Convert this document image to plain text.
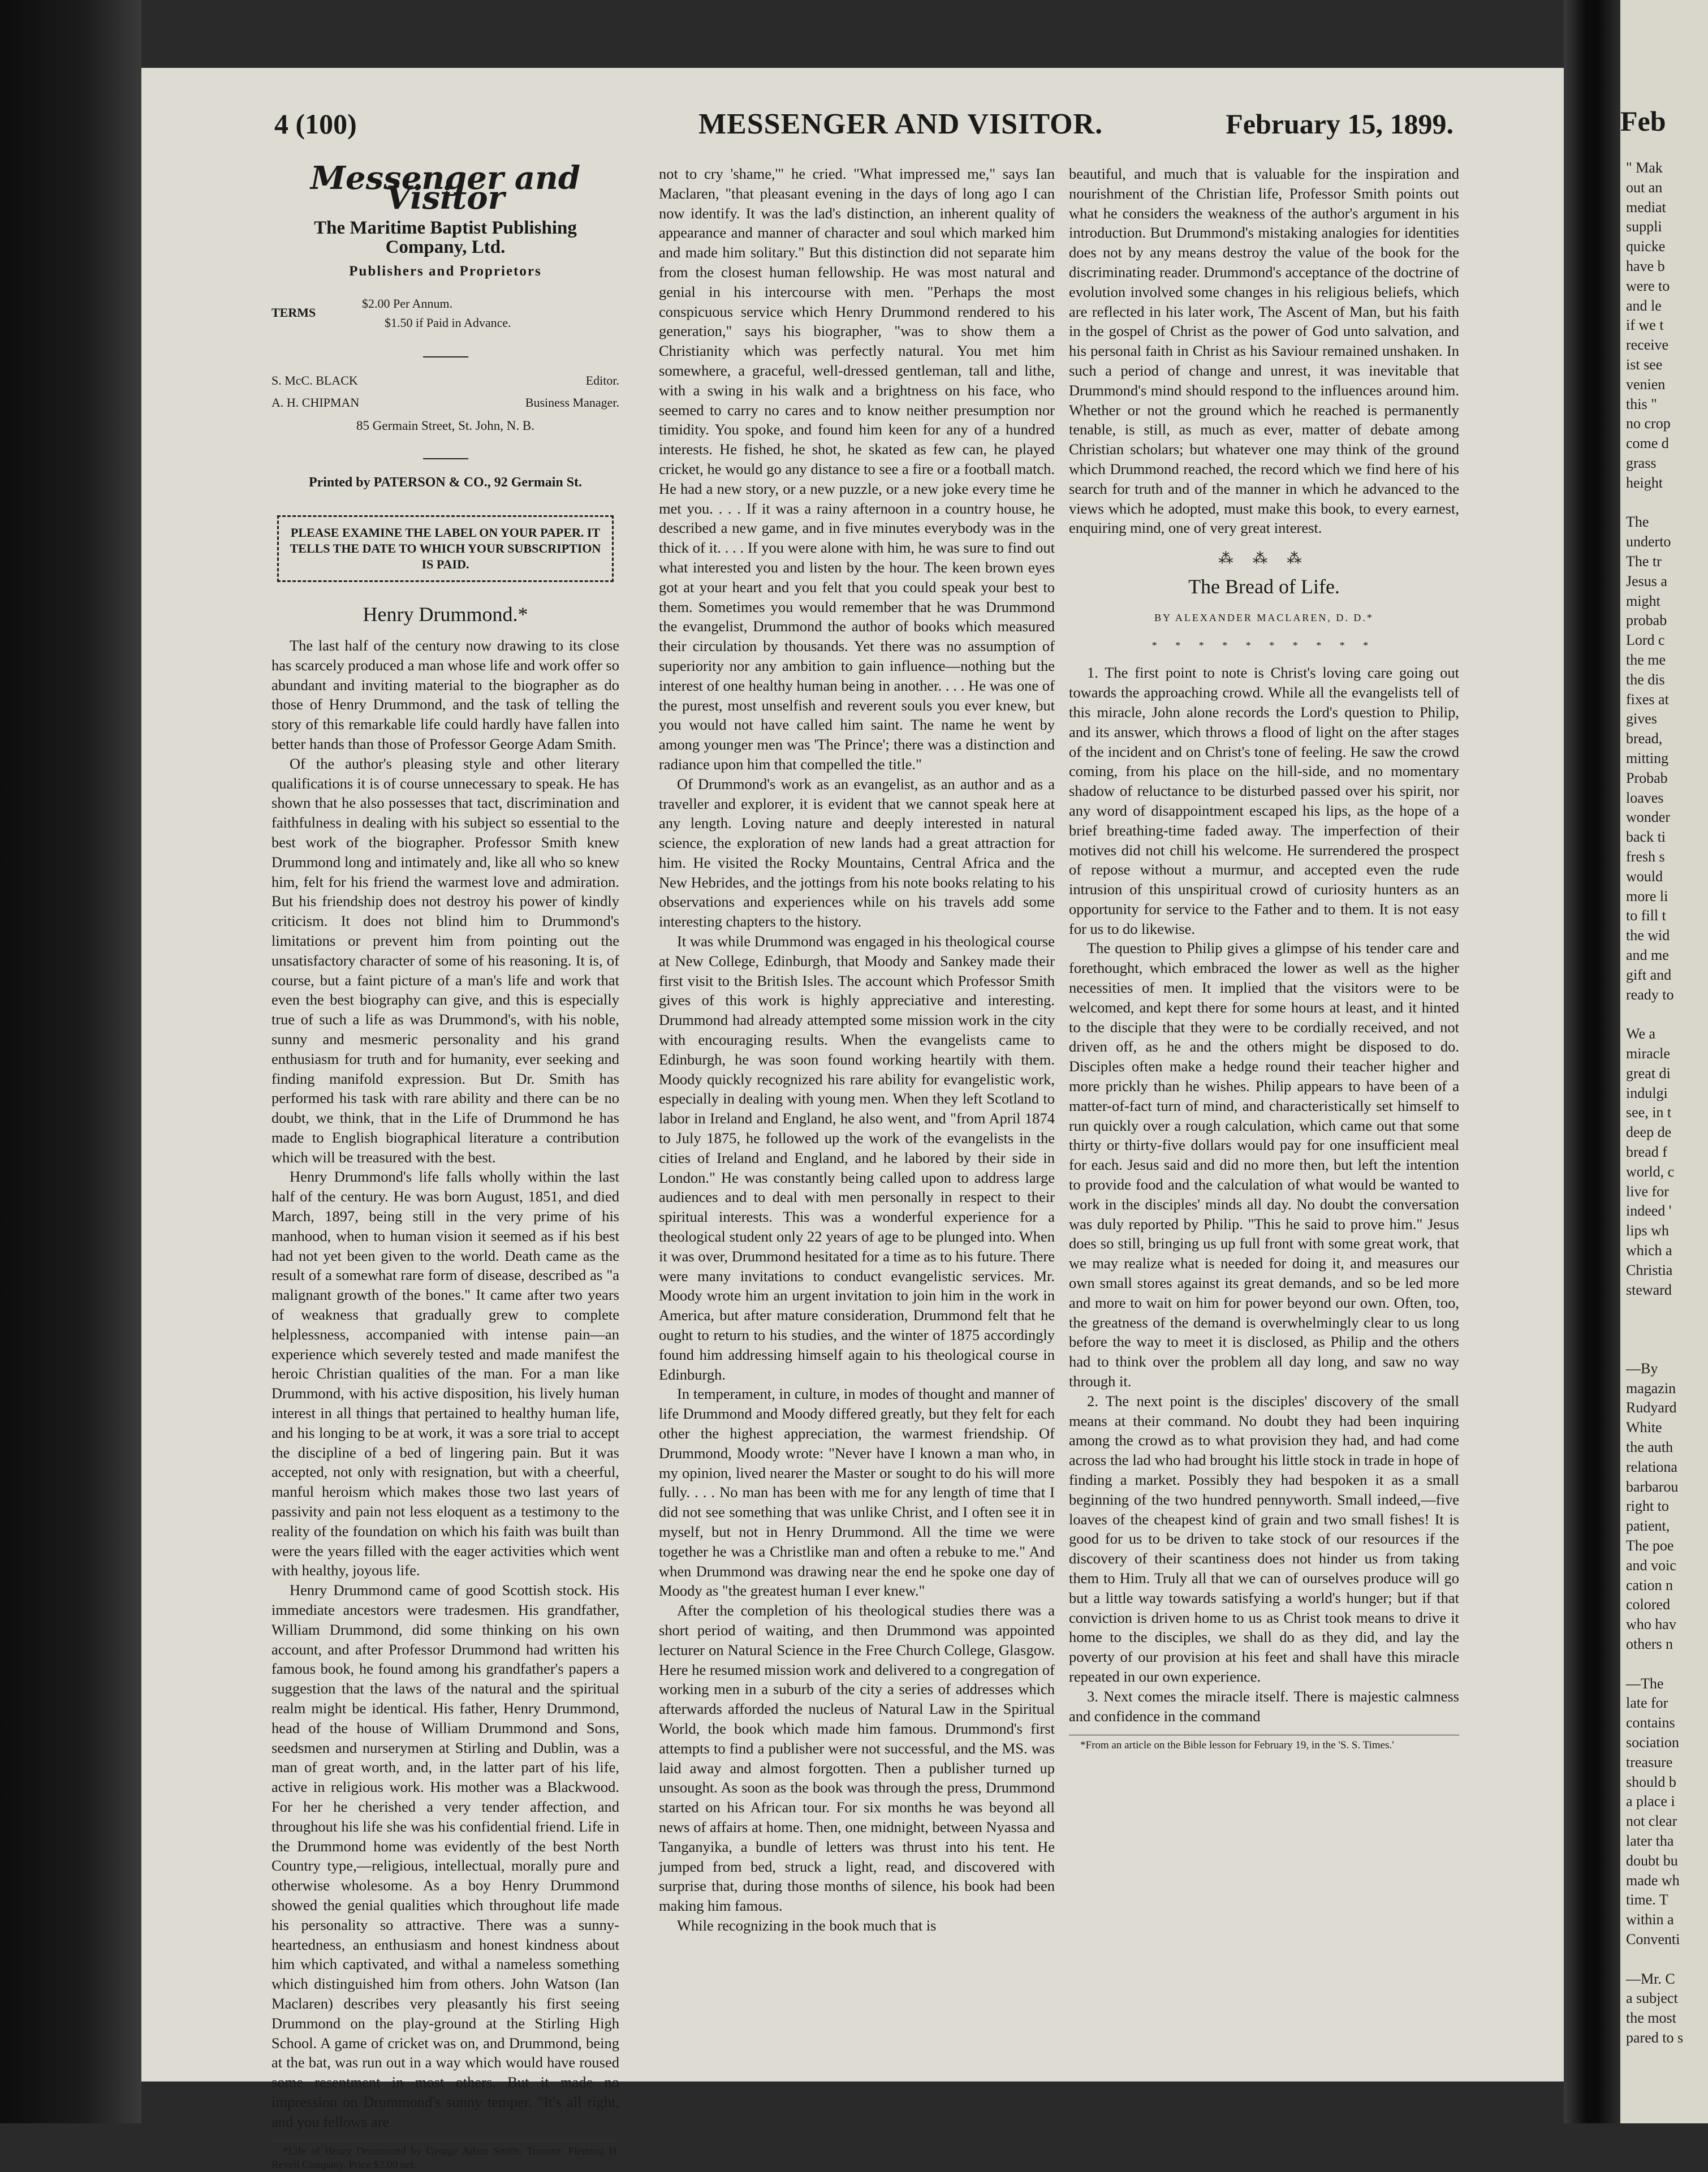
4 (100)	MESSENGER AND VISITOR.	February 15, 1899.
Messenger and Visitor
The Maritime Baptist Publishing Company, Ltd.
Publishers and Proprietors
TERMS
$2.00 Per Annum.
$1.50 if Paid in Advance.
S. McC. BLACK	Editor.
A. H. CHIPMAN	Business Manager.
85 Germain Street, St. John, N. B.
Printed by PATERSON & CO., 92 Germain St.
PLEASE EXAMINE THE LABEL ON YOUR PAPER. IT TELLS THE DATE TO WHICH YOUR SUBSCRIPTION IS PAID.
Henry Drummond.*

The last half of the century now drawing to its close has scarcely produced a man whose life and work offer so abundant and inviting material to the biographer as do those of Henry Drummond, and the task of telling the story of this remarkable life could hardly have fallen into better hands than those of Professor George Adam Smith.

Of the author's pleasing style and other literary qualifications it is of course unnecessary to speak. He has shown that he also possesses that tact, discrimination and faithfulness in dealing with his subject so essential to the best work of the biographer. Professor Smith knew Drummond long and intimately and, like all who so knew him, felt for his friend the warmest love and admiration. But his friendship does not destroy his power of kindly criticism. It does not blind him to Drummond's limitations or prevent him from pointing out the unsatisfactory character of some of his reasoning. It is, of course, but a faint picture of a man's life and work that even the best biography can give, and this is especially true of such a life as was Drummond's, with his noble, sunny and mesmeric personality and his grand enthusiasm for truth and for humanity, ever seeking and finding manifold expression. But Dr. Smith has performed his task with rare ability and there can be no doubt, we think, that in the Life of Drummond he has made to English biographical literature a contribution which will be treasured with the best.

Henry Drummond's life falls wholly within the last half of the century. He was born August, 1851, and died March, 1897, being still in the very prime of his manhood, when to human vision it seemed as if his best had not yet been given to the world. Death came as the result of a somewhat rare form of disease, described as "a malignant growth of the bones." It came after two years of weakness that gradually grew to complete helplessness, accompanied with intense pain—an experience which severely tested and made manifest the heroic Christian qualities of the man. For a man like Drummond, with his active disposition, his lively human interest in all things that pertained to healthy human life, and his longing to be at work, it was a sore trial to accept the discipline of a bed of lingering pain. But it was accepted, not only with resignation, but with a cheerful, manful heroism which makes those two last years of passivity and pain not less eloquent as a testimony to the reality of the foundation on which his faith was built than were the years filled with the eager activities which went with healthy, joyous life.

Henry Drummond came of good Scottish stock. His immediate ancestors were tradesmen. His grandfather, William Drummond, did some thinking on his own account, and after Professor Drummond had written his famous book, he found among his grandfather's papers a suggestion that the laws of the natural and the spiritual realm might be identical. His father, Henry Drummond, head of the house of William Drummond and Sons, seedsmen and nurserymen at Stirling and Dublin, was a man of great worth, and, in the latter part of his life, active in religious work. His mother was a Blackwood. For her he cherished a very tender affection, and throughout his life she was his confidential friend. Life in the Drummond home was evidently of the best North Country type,—religious, intellectual, morally pure and otherwise wholesome. As a boy Henry Drummond showed the genial qualities which throughout life made his personality so attractive. There was a sunny-heartedness, an enthusiasm and honest kindness about him which captivated, and withal a nameless something which distinguished him from others. John Watson (Ian Maclaren) describes very pleasantly his first seeing Drummond on the play-ground at the Stirling High School. A game of cricket was on, and Drummond, being at the bat, was run out in a way which would have roused some resentment in most others. But it made no impression on Drummond's sunny temper. "It's all right, and you fellows are

*Life of Henry Drummond by George Adam Smith; Toronto: Fleming H. Revell Company. Price $2.00 net.

not to cry 'shame,'" he cried. "What impressed me," says Ian Maclaren, "that pleasant evening in the days of long ago I can now identify. It was the lad's distinction, an inherent quality of appearance and manner of character and soul which marked him and made him solitary." But this distinction did not separate him from the closest human fellowship. He was most natural and genial in his intercourse with men. "Perhaps the most conspicuous service which Henry Drummond rendered to his generation," says his biographer, "was to show them a Christianity which was perfectly natural. You met him somewhere, a graceful, well-dressed gentleman, tall and lithe, with a swing in his walk and a brightness on his face, who seemed to carry no cares and to know neither presumption nor timidity. You spoke, and found him keen for any of a hundred interests. He fished, he shot, he skated as few can, he played cricket, he would go any distance to see a fire or a football match. He had a new story, or a new puzzle, or a new joke every time he met you. . . . If it was a rainy afternoon in a country house, he described a new game, and in five minutes everybody was in the thick of it. . . . If you were alone with him, he was sure to find out what interested you and listen by the hour. The keen brown eyes got at your heart and you felt that you could speak your best to them. Sometimes you would remember that he was Drummond the evangelist, Drummond the author of books which measured their circulation by thousands. Yet there was no assumption of superiority nor any ambition to gain influence—nothing but the interest of one healthy human being in another. . . . He was one of the purest, most unselfish and reverent souls you ever knew, but you would not have called him saint. The name he went by among younger men was 'The Prince'; there was a distinction and radiance upon him that compelled the title."

Of Drummond's work as an evangelist, as an author and as a traveller and explorer, it is evident that we cannot speak here at any length. Loving nature and deeply interested in natural science, the exploration of new lands had a great attraction for him. He visited the Rocky Mountains, Central Africa and the New Hebrides, and the jottings from his note books relating to his observations and experiences while on his travels add some interesting chapters to the history.

It was while Drummond was engaged in his theological course at New College, Edinburgh, that Moody and Sankey made their first visit to the British Isles. The account which Professor Smith gives of this work is highly appreciative and interesting. Drummond had already attempted some mission work in the city with encouraging results. When the evangelists came to Edinburgh, he was soon found working heartily with them. Moody quickly recognized his rare ability for evangelistic work, especially in dealing with young men. When they left Scotland to labor in Ireland and England, he also went, and "from April 1874 to July 1875, he followed up the work of the evangelists in the cities of Ireland and England, and he labored by their side in London." He was constantly being called upon to address large audiences and to deal with men personally in respect to their spiritual interests. This was a wonderful experience for a theological student only 22 years of age to be plunged into. When it was over, Drummond hesitated for a time as to his future. There were many invitations to conduct evangelistic services. Mr. Moody wrote him an urgent invitation to join him in the work in America, but after mature consideration, Drummond felt that he ought to return to his studies, and the winter of 1875 accordingly found him addressing himself again to his theological course in Edinburgh.

In temperament, in culture, in modes of thought and manner of life Drummond and Moody differed greatly, but they felt for each other the highest appreciation, the warmest friendship. Of Drummond, Moody wrote: "Never have I known a man who, in my opinion, lived nearer the Master or sought to do his will more fully. . . . No man has been with me for any length of time that I did not see something that was unlike Christ, and I often see it in myself, but not in Henry Drummond. All the time we were together he was a Christlike man and often a rebuke to me." And when Drummond was drawing near the end he spoke one day of Moody as "the greatest human I ever knew."

After the completion of his theological studies there was a short period of waiting, and then Drummond was appointed lecturer on Natural Science in the Free Church College, Glasgow. Here he resumed mission work and delivered to a congregation of working men in a suburb of the city a series of addresses which afterwards afforded the nucleus of Natural Law in the Spiritual World, the book which made him famous. Drummond's first attempts to find a publisher were not successful, and the MS. was laid away and almost forgotten. Then a publisher turned up unsought. As soon as the book was through the press, Drummond started on his African tour. For six months he was beyond all news of affairs at home. Then, one midnight, between Nyassa and Tanganyika, a bundle of letters was thrust into his tent. He jumped from bed, struck a light, read, and discovered with surprise that, during those months of silence, his book had been making him famous.

While recognizing in the book much that is

beautiful, and much that is valuable for the inspiration and nourishment of the Christian life, Professor Smith points out what he considers the weakness of the author's argument in his introduction. But Drummond's mistaking analogies for identities does not by any means destroy the value of the book for the discriminating reader. Drummond's acceptance of the doctrine of evolution involved some changes in his religious beliefs, which are reflected in his later work, The Ascent of Man, but his faith in the gospel of Christ as the power of God unto salvation, and his personal faith in Christ as his Saviour remained unshaken. In such a period of change and unrest, it was inevitable that Drummond's mind should respond to the influences around him. Whether or not the ground which he reached is permanently tenable, is still, as much as ever, matter of debate among Christian scholars; but whatever one may think of the ground which Drummond reached, the record which we find here of his search for truth and of the manner in which he advanced to the views which he adopted, must make this book, to every earnest, enquiring mind, one of very great interest.

⁂ ⁂ ⁂
The Bread of Life.
BY ALEXANDER MACLAREN, D. D.*
* * * * * * * * * *

1. The first point to note is Christ's loving care going out towards the approaching crowd. While all the evangelists tell of this miracle, John alone records the Lord's question to Philip, and its answer, which throws a flood of light on the after stages of the incident and on Christ's tone of feeling. He saw the crowd coming, from his place on the hill-side, and no momentary shadow of reluctance to be disturbed passed over his spirit, nor any word of disappointment escaped his lips, as the hope of a brief breathing-time faded away. The imperfection of their motives did not chill his welcome. He surrendered the prospect of repose without a murmur, and accepted even the rude intrusion of this unspiritual crowd of curiosity hunters as an opportunity for service to the Father and to them. It is not easy for us to do likewise.

The question to Philip gives a glimpse of his tender care and forethought, which embraced the lower as well as the higher necessities of men. It implied that the visitors were to be welcomed, and kept there for some hours at least, and it hinted to the disciple that they were to be cordially received, and not driven off, as he and the others might be disposed to do. Disciples often make a hedge round their teacher higher and more prickly than he wishes. Philip appears to have been of a matter-of-fact turn of mind, and characteristically set himself to run quickly over a rough calculation, which came out that some thirty or thirty-five dollars would pay for one insufficient meal for each. Jesus said and did no more then, but left the intention to provide food and the calculation of what would be wanted to work in the disciples' minds all day. No doubt the conversation was duly reported by Philip. "This he said to prove him." Jesus does so still, bringing us up full front with some great work, that we may realize what is needed for doing it, and measures our own small stores against its great demands, and so be led more and more to wait on him for power beyond our own. Often, too, the greatness of the demand is overwhelmingly clear to us long before the way to meet it is disclosed, as Philip and the others had to think over the problem all day long, and saw no way through it.

2. The next point is the disciples' discovery of the small means at their command. No doubt they had been inquiring among the crowd as to what provision they had, and had come across the lad who had brought his little stock in trade in hope of finding a market. Possibly they had bespoken it as a small beginning of the two hundred pennyworth. Small indeed,—five loaves of the cheapest kind of grain and two small fishes! It is good for us to be driven to take stock of our resources if the discovery of their scantiness does not hinder us from taking them to Him. Truly all that we can of ourselves produce will go but a little way towards satisfying a world's hunger; but if that conviction is driven home to us as Christ took means to drive it home to the disciples, we shall do as they did, and lay the poverty of our provision at his feet and shall have this miracle repeated in our own experience.

3. Next comes the miracle itself. There is majestic calmness and confidence in the command

*From an article on the Bible lesson for February 19, in the 'S. S. Times.'
Feb
" Mak
out an
mediat
suppli
quicke
have b
were to
and le
if we t
receive
ist see
venien
this "
no crop
come d
grass
height
The
underto
The tr
Jesus a
might
probab
Lord c
the me
the dis
fixes at
gives
bread,
mitting
Probab
loaves
wonder
back ti
fresh s
would
more li
to fill t
the wid
and me
gift and
ready to
We a
miracle
great di
indulgi
see, in t
deep de
bread f
world, c
live for
indeed '
lips wh
which a
Christia
steward
—By
magazin
Rudyard
White
the auth
relationa
barbarou
right to
patient,
The poe
and voic
cation n
colored
who hav
others n
—The
late for
contains
sociation
treasure
should b
a place i
not clear
later tha
doubt bu
made wh
time. T
within a
Conventi
—Mr. C
a subject
the most
pared to s
